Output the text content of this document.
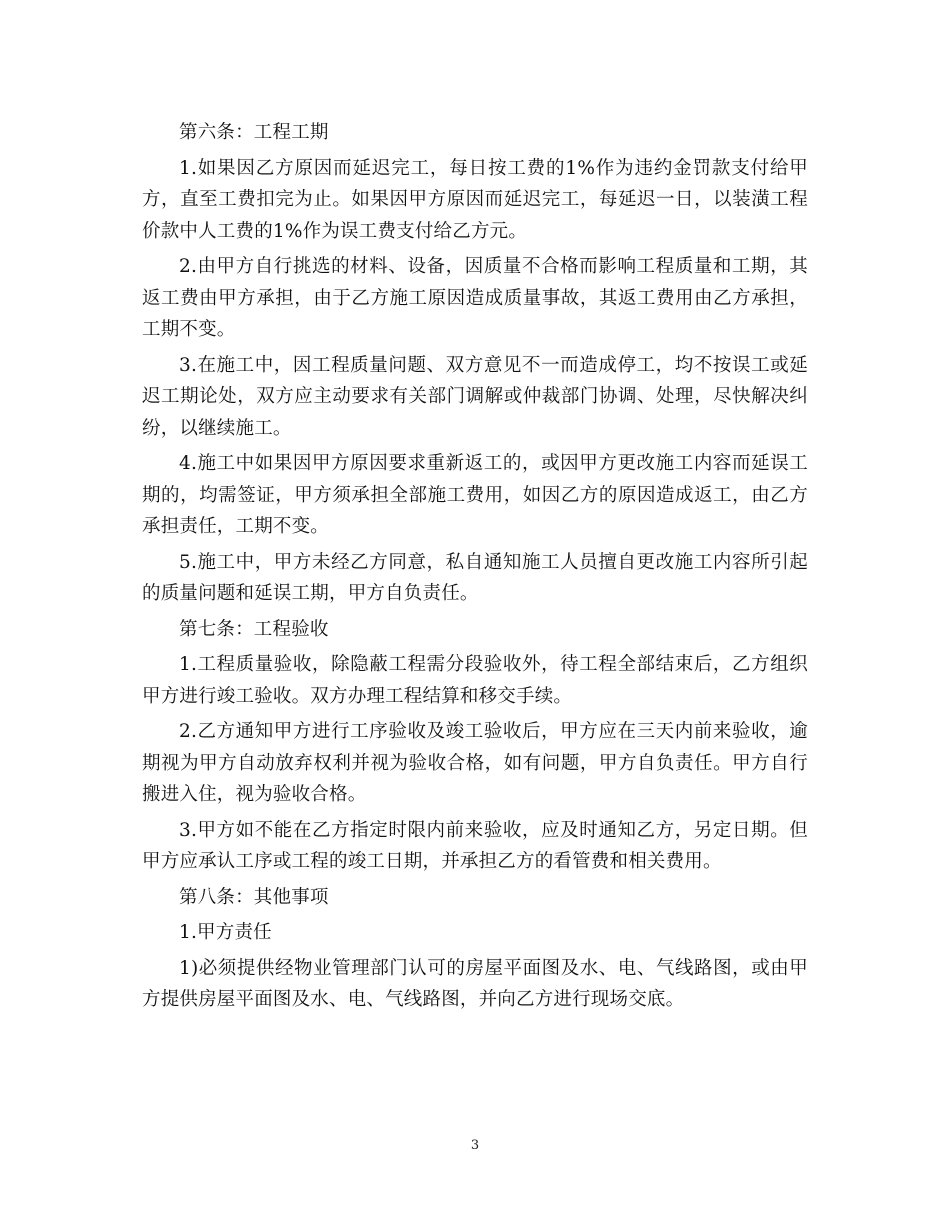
第六条：工程工期

1.如果因乙方原因而延迟完工，每日按工费的1%作为违约金罚款支付给甲方，直至工费扣完为止。如果因甲方原因而延迟完工，每延迟一日，以装潢工程价款中人工费的1%作为误工费支付给乙方元。

2.由甲方自行挑选的材料、设备，因质量不合格而影响工程质量和工期，其返工费由甲方承担，由于乙方施工原因造成质量事故，其返工费用由乙方承担，工期不变。

3.在施工中，因工程质量问题、双方意见不一而造成停工，均不按误工或延迟工期论处，双方应主动要求有关部门调解或仲裁部门协调、处理，尽快解决纠纷，以继续施工。

4.施工中如果因甲方原因要求重新返工的，或因甲方更改施工内容而延误工期的，均需签证，甲方须承担全部施工费用，如因乙方的原因造成返工，由乙方承担责任，工期不变。

5.施工中，甲方未经乙方同意，私自通知施工人员擅自更改施工内容所引起的质量问题和延误工期，甲方自负责任。

第七条：工程验收

1.工程质量验收，除隐蔽工程需分段验收外，待工程全部结束后，乙方组织甲方进行竣工验收。双方办理工程结算和移交手续。

2.乙方通知甲方进行工序验收及竣工验收后，甲方应在三天内前来验收，逾期视为甲方自动放弃权利并视为验收合格，如有问题，甲方自负责任。甲方自行搬进入住，视为验收合格。

3.甲方如不能在乙方指定时限内前来验收，应及时通知乙方，另定日期。但甲方应承认工序或工程的竣工日期，并承担乙方的看管费和相关费用。

第八条：其他事项

1.甲方责任

1)必须提供经物业管理部门认可的房屋平面图及水、电、气线路图，或由甲方提供房屋平面图及水、电、气线路图，并向乙方进行现场交底。

3
